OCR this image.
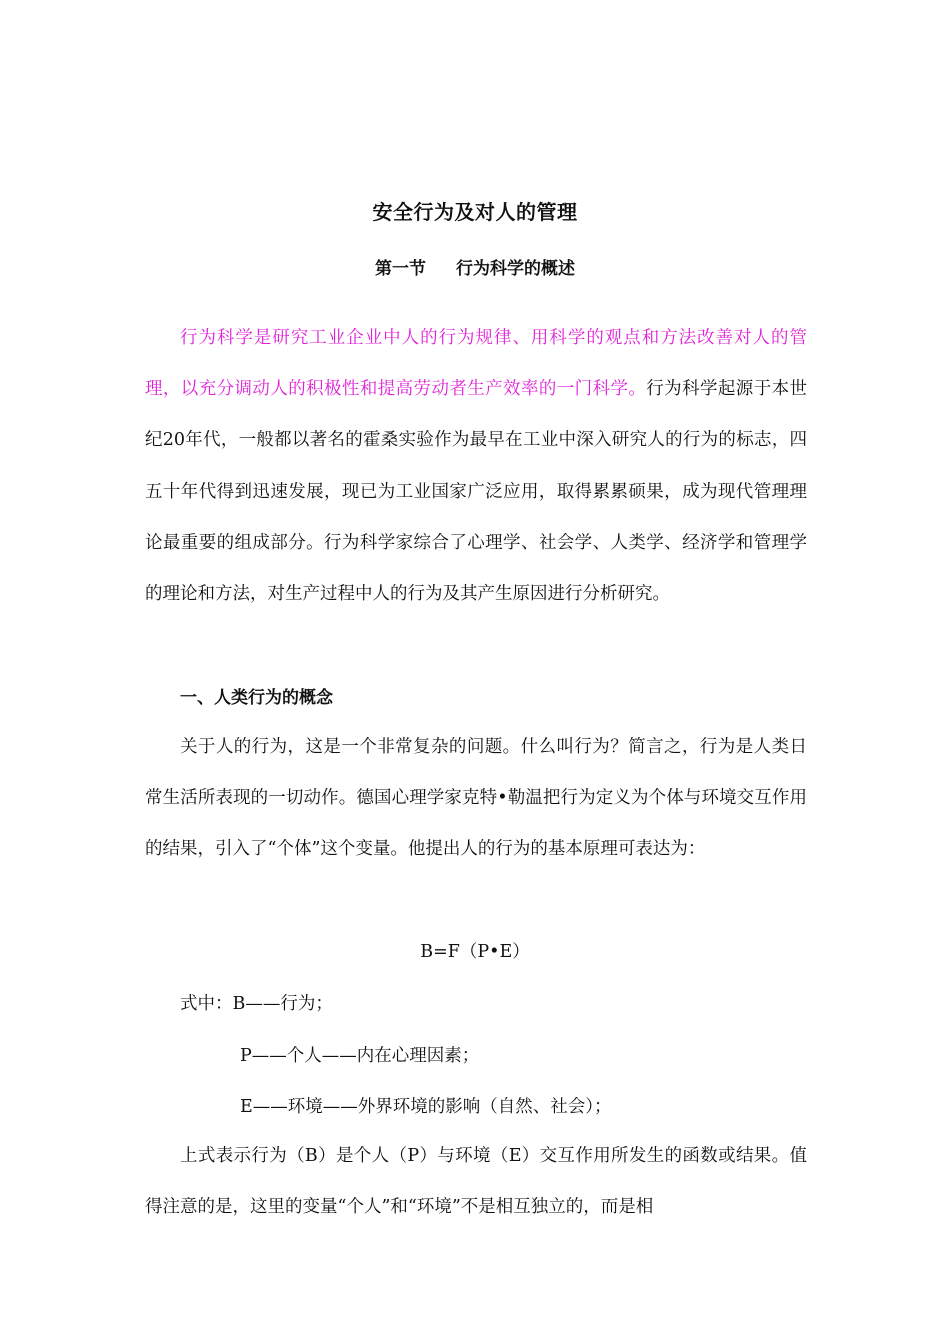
安全行为及对人的管理
第一节 行为科学的概述

行为科学是研究工业企业中人的行为规律、用科学的观点和方法改善对人的管理，以充分调动人的积极性和提高劳动者生产效率的一门科学。行为科学起源于本世纪20年代，一般都以著名的霍桑实验作为最早在工业中深入研究人的行为的标志，四五十年代得到迅速发展，现已为工业国家广泛应用，取得累累硕果，成为现代管理理论最重要的组成部分。行为科学家综合了心理学、社会学、人类学、经济学和管理学的理论和方法，对生产过程中人的行为及其产生原因进行分析研究。

一、人类行为的概念

关于人的行为，这是一个非常复杂的问题。什么叫行为？简言之，行为是人类日常生活所表现的一切动作。德国心理学家克特•勒温把行为定义为个体与环境交互作用的结果，引入了“个体”这个变量。他提出人的行为的基本原理可表达为：

B=F（P•E）
式中：B——行为；
P——个人——内在心理因素；
E——环境——外界环境的影响（自然、社会）；

上式表示行为（B）是个人（P）与环境（E）交互作用所发生的函数或结果。值得注意的是，这里的变量“个人”和“环境”不是相互独立的，而是相
